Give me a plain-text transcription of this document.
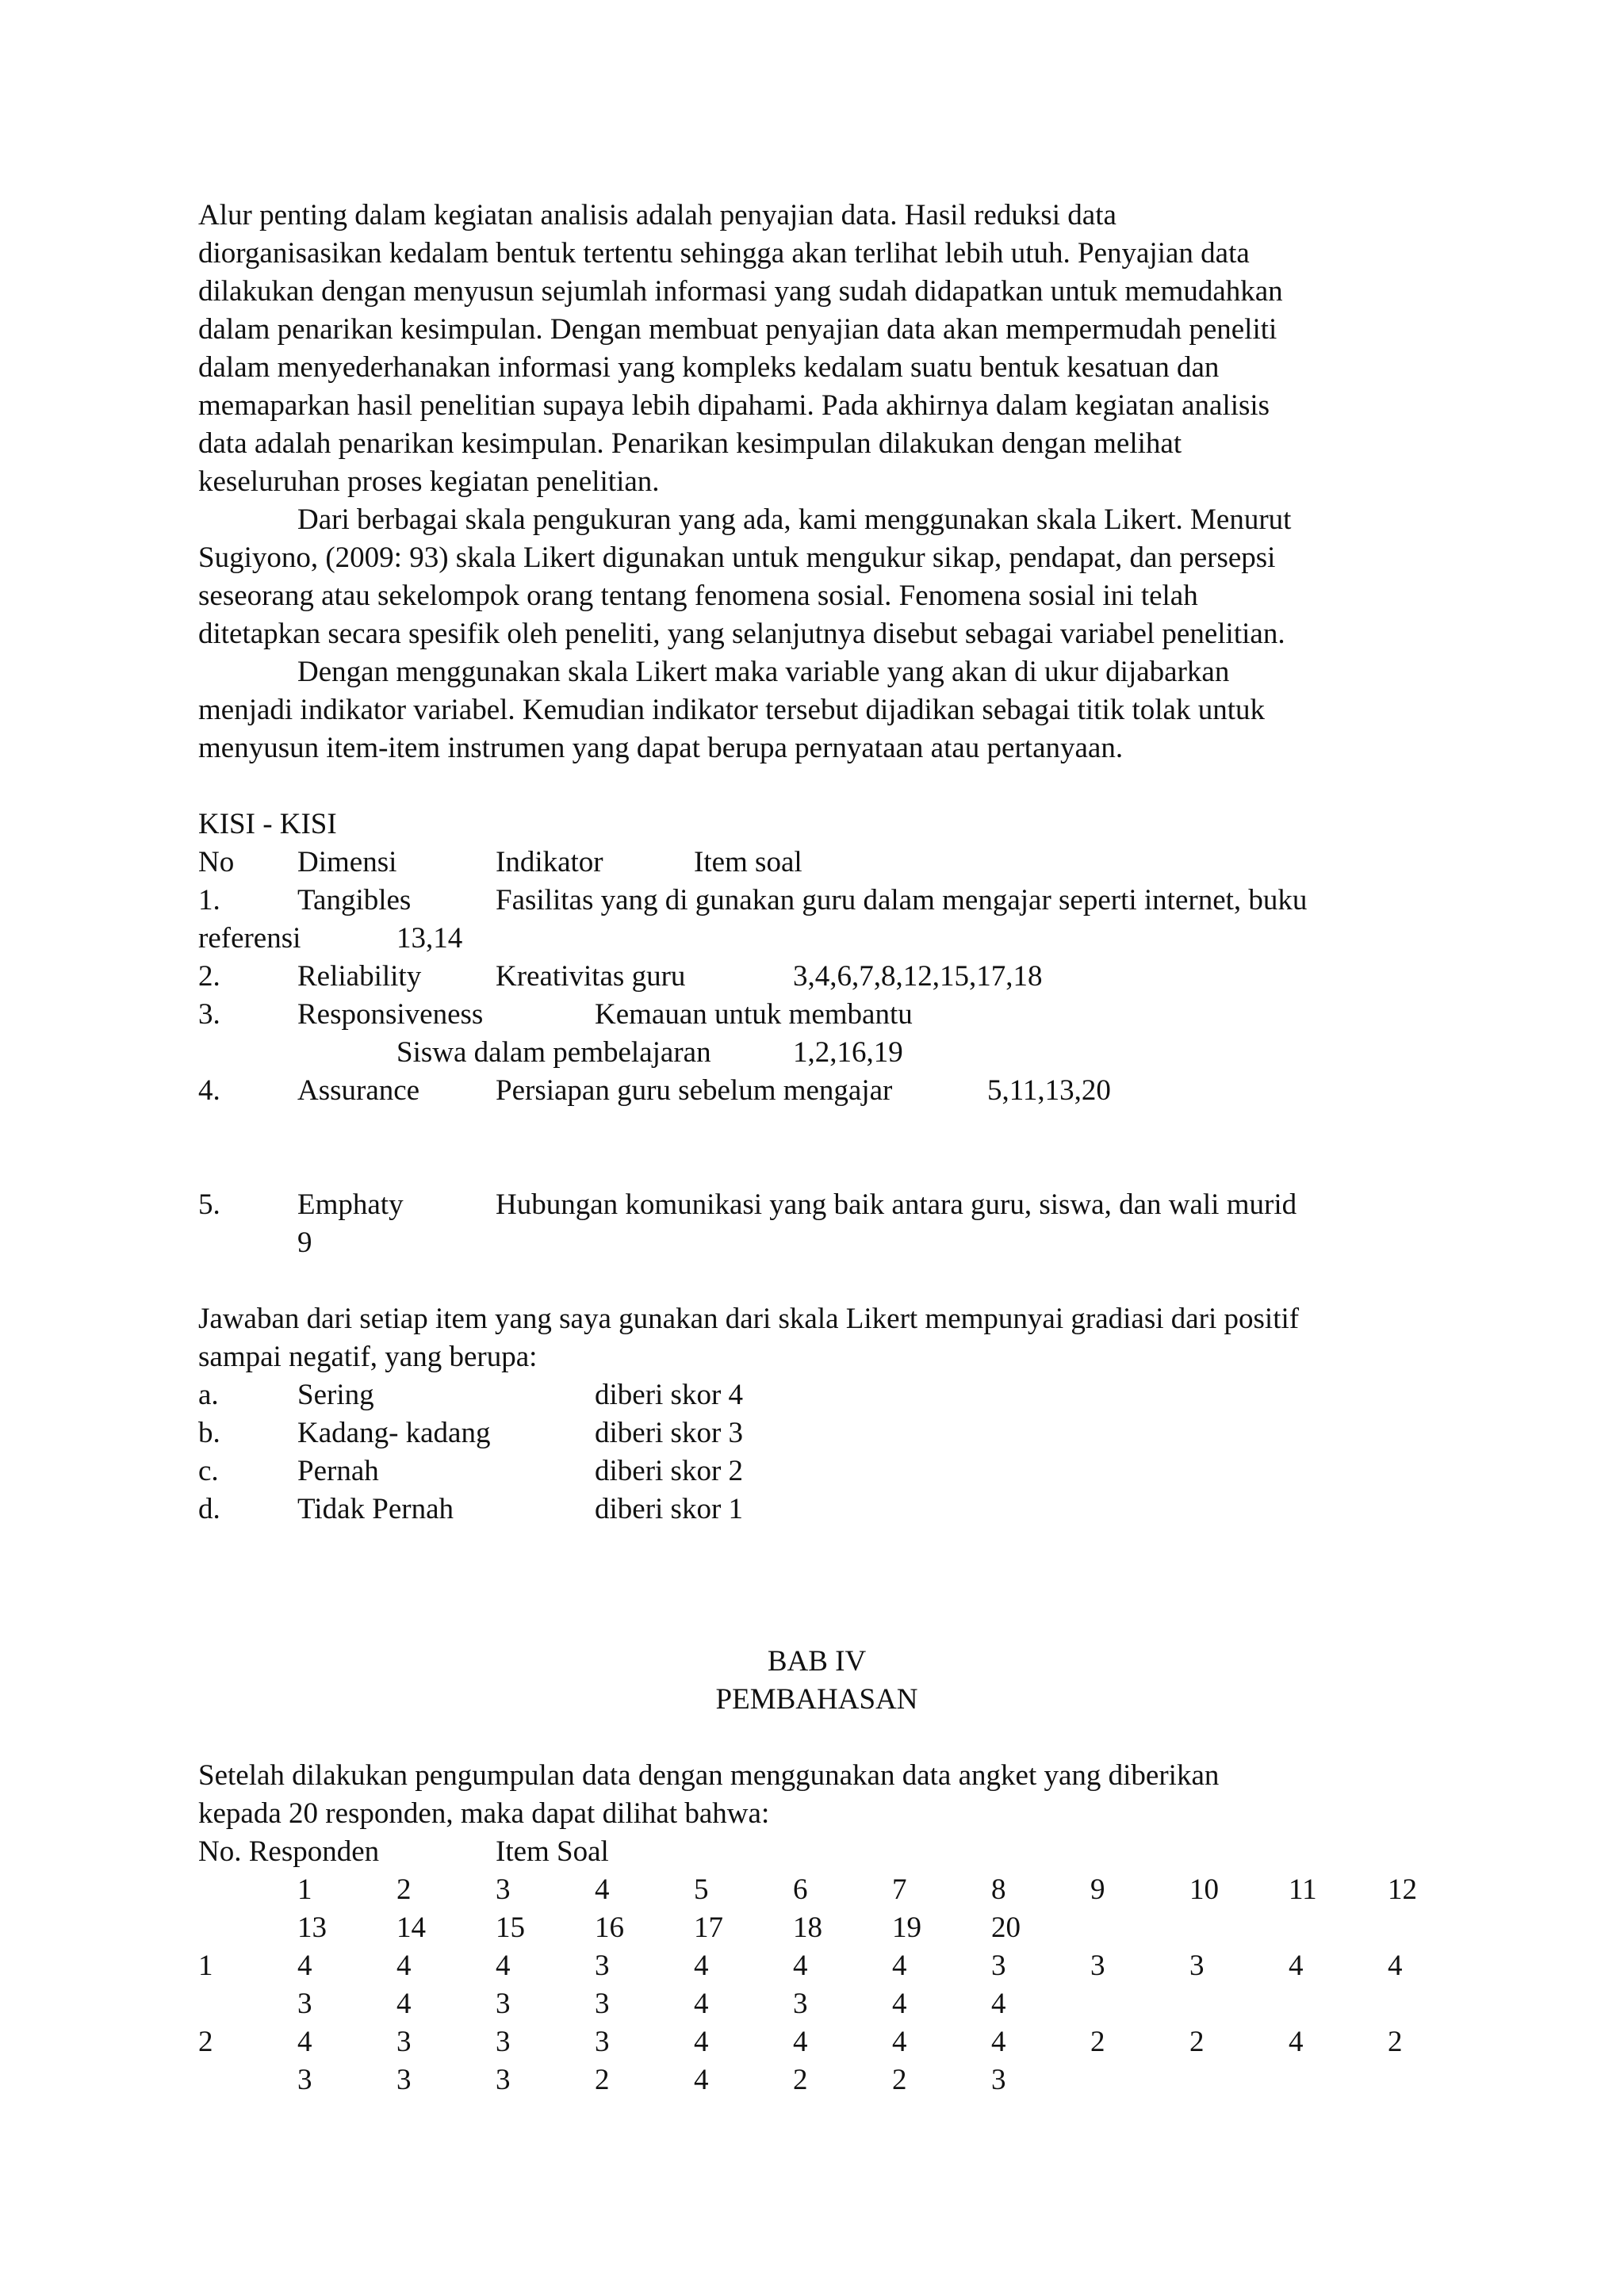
Alur penting dalam kegiatan analisis adalah penyajian data. Hasil reduksi data
diorganisasikan kedalam bentuk tertentu sehingga akan terlihat lebih utuh. Penyajian data
dilakukan dengan menyusun sejumlah informasi yang sudah didapatkan untuk memudahkan
dalam penarikan kesimpulan. Dengan membuat penyajian data akan mempermudah peneliti
dalam menyederhanakan informasi yang kompleks kedalam suatu bentuk kesatuan dan
memaparkan hasil penelitian supaya lebih dipahami. Pada akhirnya dalam kegiatan analisis
data adalah penarikan kesimpulan. Penarikan kesimpulan dilakukan dengan melihat
keseluruhan proses kegiatan penelitian.
Dari berbagai skala pengukuran yang ada, kami menggunakan skala Likert. Menurut
Sugiyono, (2009: 93) skala Likert digunakan untuk mengukur sikap, pendapat, dan persepsi
seseorang atau sekelompok orang tentang fenomena sosial. Fenomena sosial ini telah
ditetapkan secara spesifik oleh peneliti, yang selanjutnya disebut sebagai variabel penelitian.
Dengan menggunakan skala Likert maka variable yang akan di ukur dijabarkan
menjadi indikator variabel. Kemudian indikator tersebut dijadikan sebagai titik tolak untuk
menyusun item-item instrumen yang dapat berupa pernyataan atau pertanyaan.
KISI - KISI
No Dimensi	Indikator	Item soal
1.	Tangibles	Fasilitas yang di gunakan guru dalam mengajar seperti internet, buku
referensi	13,14
2.	Reliability	Kreativitas guru	3,4,6,7,8,12,15,17,18
3.	Responsiveness	Kemauan untuk membantu
Siswa dalam pembelajaran	1,2,16,19
4.	Assurance	Persiapan guru sebelum mengajar	5,11,13,20
5.	Emphaty	Hubungan komunikasi yang baik antara guru, siswa, dan wali murid
9
Jawaban dari setiap item yang saya gunakan dari skala Likert mempunyai gradiasi dari positif
sampai negatif, yang berupa:
a.	Sering	diberi skor 4
b.	Kadang- kadang	diberi skor 3
c.	Pernah	diberi skor 2
d.	Tidak Pernah	diberi skor 1
BAB IV
PEMBAHASAN
Setelah dilakukan pengumpulan data dengan menggunakan data angket yang diberikan
kepada 20 responden, maka dapat dilihat bahwa:
No. Responden	Item Soal
1	2	3	4	5	6	7	8	9	10 11 12
13 14 15 16 17 18 19 20
1	4	4	4	3	4	4	4	3	3	3	4	4
3	4	3	3	4	3	4	4
2	4	3	3	3	4	4	4	4	2	2	4	2
3	3	3	2	4	2	2	3
